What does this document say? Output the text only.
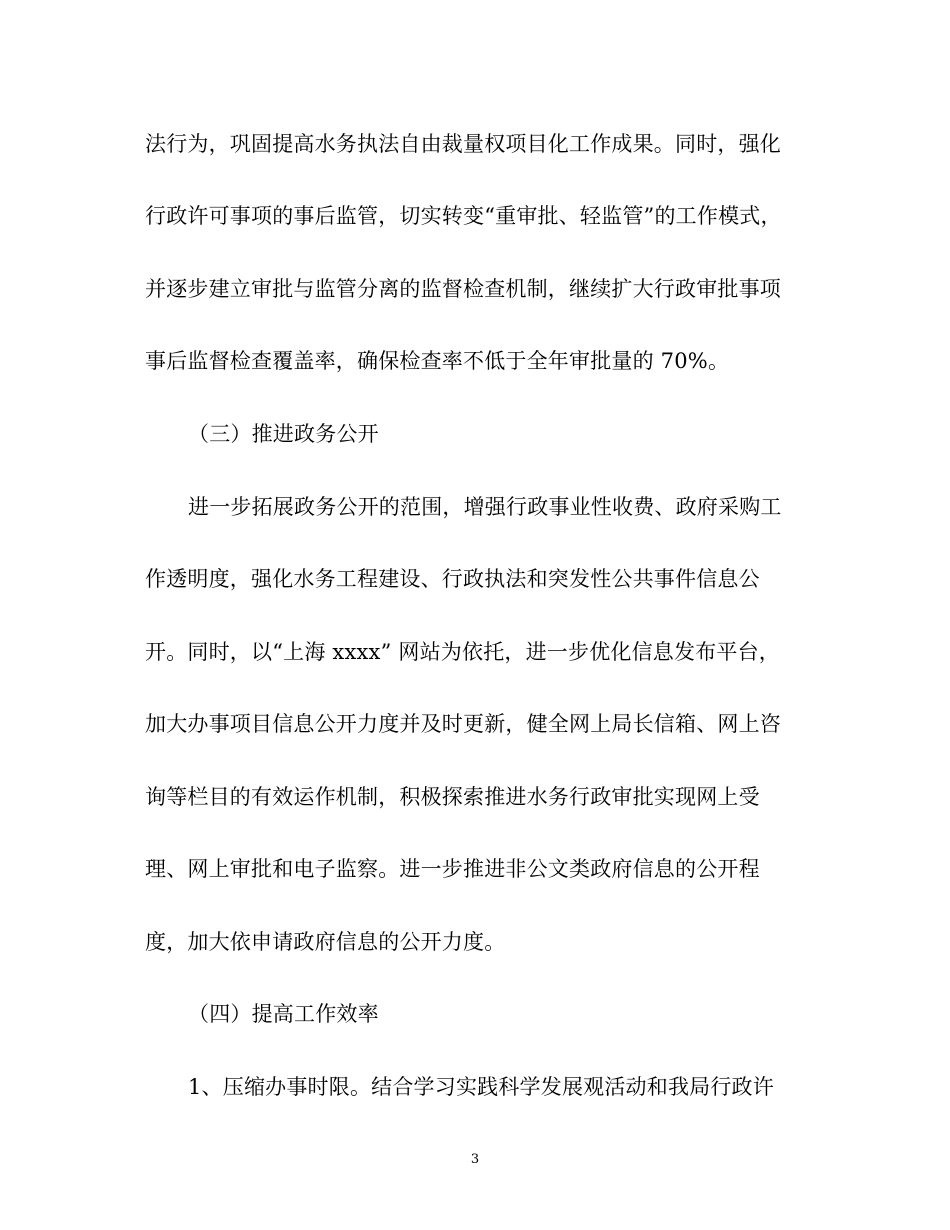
法行为，巩固提高水务执法自由裁量权项目化工作成果。同时，强化
行政许可事项的事后监管，切实转变“重审批、轻监管”的工作模式，
并逐步建立审批与监管分离的监督检查机制，继续扩大行政审批事项
事后监督检查覆盖率，确保检查率不低于全年审批量的 70%。
（三）推进政务公开
进一步拓展政务公开的范围，增强行政事业性收费、政府采购工
作透明度，强化水务工程建设、行政执法和突发性公共事件信息公
开。同时，以“上海 xxxx” 网站为依托，进一步优化信息发布平台，
加大办事项目信息公开力度并及时更新，健全网上局长信箱、网上咨
询等栏目的有效运作机制，积极探索推进水务行政审批实现网上受
理、网上审批和电子监察。进一步推进非公文类政府信息的公开程
度，加大依申请政府信息的公开力度。
（四）提高工作效率
1、压缩办事时限。结合学习实践科学发展观活动和我局行政许
3
